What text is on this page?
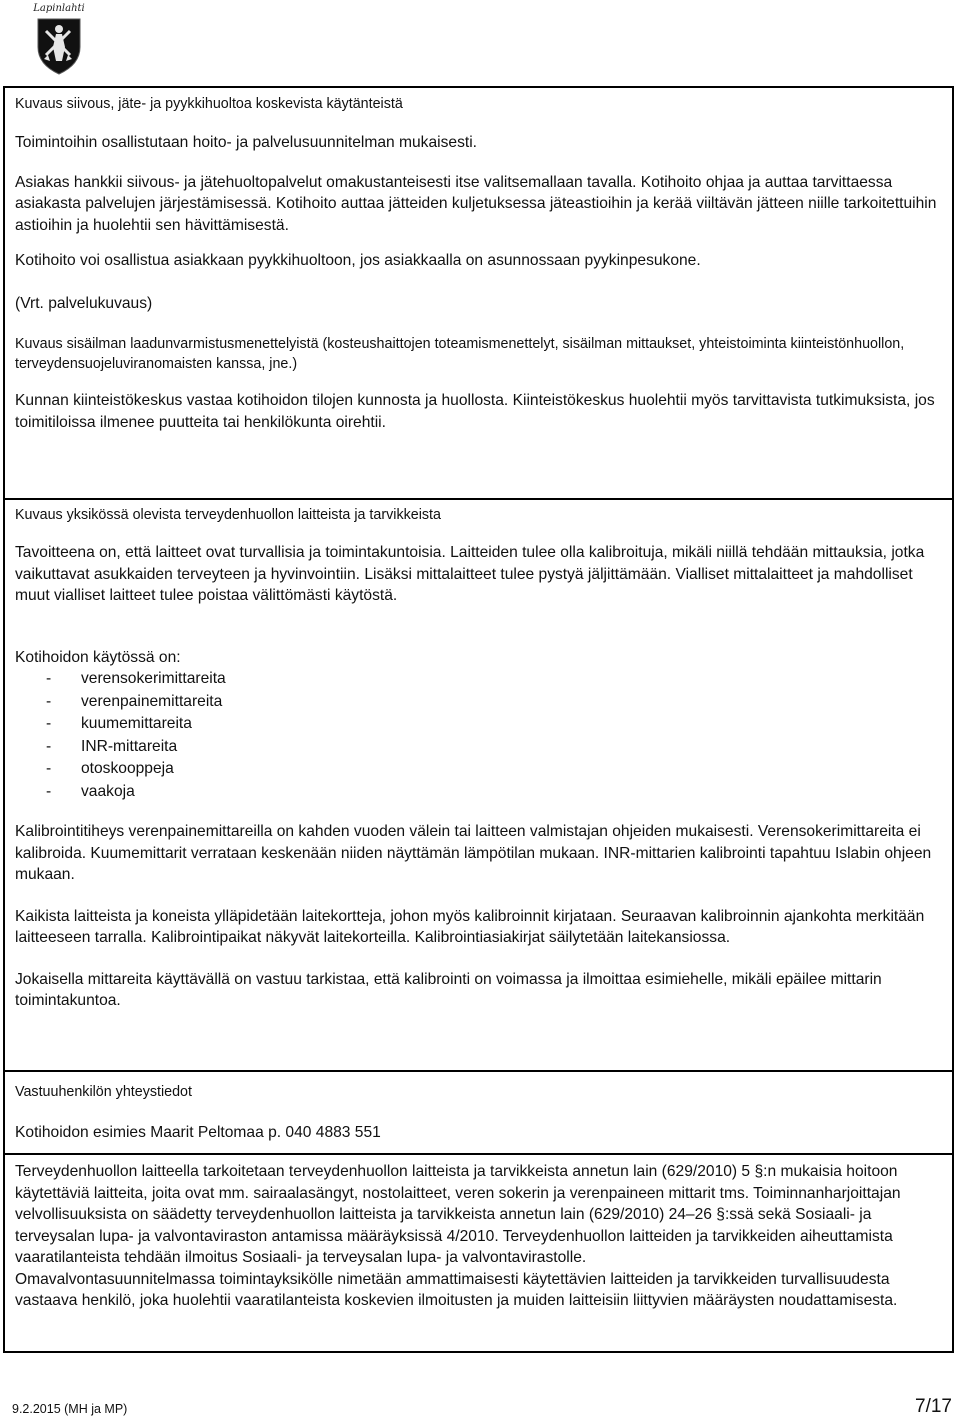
Lapinlahti

Kuvaus siivous, jäte- ja pyykkihuoltoa koskevista käytänteistä

Toimintoihin osallistutaan hoito- ja palvelusuunnitelman mukaisesti.

Asiakas hankkii siivous- ja jätehuoltopalvelut omakustanteisesti itse valitsemallaan tavalla. Kotihoito ohjaa ja auttaa tarvittaessa asiakasta palvelujen järjestämisessä. Kotihoito auttaa jätteiden kuljetuksessa jäteastioihin ja kerää viiltävän jätteen niille tarkoitettuihin astioihin ja huolehtii sen hävittämisestä.

Kotihoito voi osallistua asiakkaan pyykkihuoltoon, jos asiakkaalla on asunnossaan pyykinpesukone.

(Vrt. palvelukuvaus)

Kuvaus sisäilman laadunvarmistusmenettelyistä (kosteushaittojen toteamismenettelyt, sisäilman mittaukset, yhteistoiminta kiinteistönhuollon, terveydensuojeluviranomaisten kanssa, jne.)

Kunnan kiinteistökeskus vastaa kotihoidon tilojen kunnosta ja huollosta. Kiinteistökeskus huolehtii myös tarvittavista tutkimuksista, jos toimitiloissa ilmenee puutteita tai henkilökunta oirehtii.

Kuvaus yksikössä olevista terveydenhuollon laitteista ja tarvikkeista

Tavoitteena on, että laitteet ovat turvallisia ja toimintakuntoisia. Laitteiden tulee olla kalibroituja, mikäli niillä tehdään mittauksia, jotka vaikuttavat asukkaiden terveyteen ja hyvinvointiin. Lisäksi mittalaitteet tulee pystyä jäljittämään. Vialliset mittalaitteet ja mahdolliset muut vialliset laitteet tulee poistaa välittömästi käytöstä.

Kotihoidon käytössä on:

- verensokerimittareita
- verenpainemittareita
- kuumemittareita
- INR-mittareita
- otoskooppeja
- vaakoja

Kalibrointitiheys verenpainemittareilla on kahden vuoden välein tai laitteen valmistajan ohjeiden mukaisesti. Verensokerimittareita ei kalibroida. Kuumemittarit verrataan keskenään niiden näyttämän lämpötilan mukaan. INR-mittarien kalibrointi tapahtuu Islabin ohjeen mukaan.

Kaikista laitteista ja koneista ylläpidetään laitekortteja, johon myös kalibroinnit kirjataan. Seuraavan kalibroinnin ajankohta merkitään laitteeseen tarralla. Kalibrointipaikat näkyvät laitekorteilla. Kalibrointiasiakirjat säilytetään laitekansiossa.

Jokaisella mittareita käyttävällä on vastuu tarkistaa, että kalibrointi on voimassa ja ilmoittaa esimiehelle, mikäli epäilee mittarin toimintakuntoa.

Vastuuhenkilön yhteystiedot

Kotihoidon esimies Maarit Peltomaa p. 040 4883 551

Terveydenhuollon laitteella tarkoitetaan terveydenhuollon laitteista ja tarvikkeista annetun lain (629/2010) 5 §:n mukaisia hoitoon käytettäviä laitteita, joita ovat mm. sairaalasängyt, nostolaitteet, veren sokerin ja verenpaineen mittarit tms. Toiminnanharjoittajan velvollisuuksista on säädetty terveydenhuollon laitteista ja tarvikkeista annetun lain (629/2010) 24–26 §:ssä sekä Sosiaali- ja terveysalan lupa- ja valvontaviraston antamissa määräyksissä 4/2010. Terveydenhuollon laitteiden ja tarvikkeiden aiheuttamista vaaratilanteista tehdään ilmoitus Sosiaali- ja terveysalan lupa- ja valvontavirastolle.

Omavalvontasuunnitelmassa toimintayksikölle nimetään ammattimaisesti käytettävien laitteiden ja tarvikkeiden turvallisuudesta vastaava henkilö, joka huolehtii vaaratilanteista koskevien ilmoitusten ja muiden laitteisiin liittyvien määräysten noudattamisesta.

9.2.2015 (MH ja MP)	7/17
